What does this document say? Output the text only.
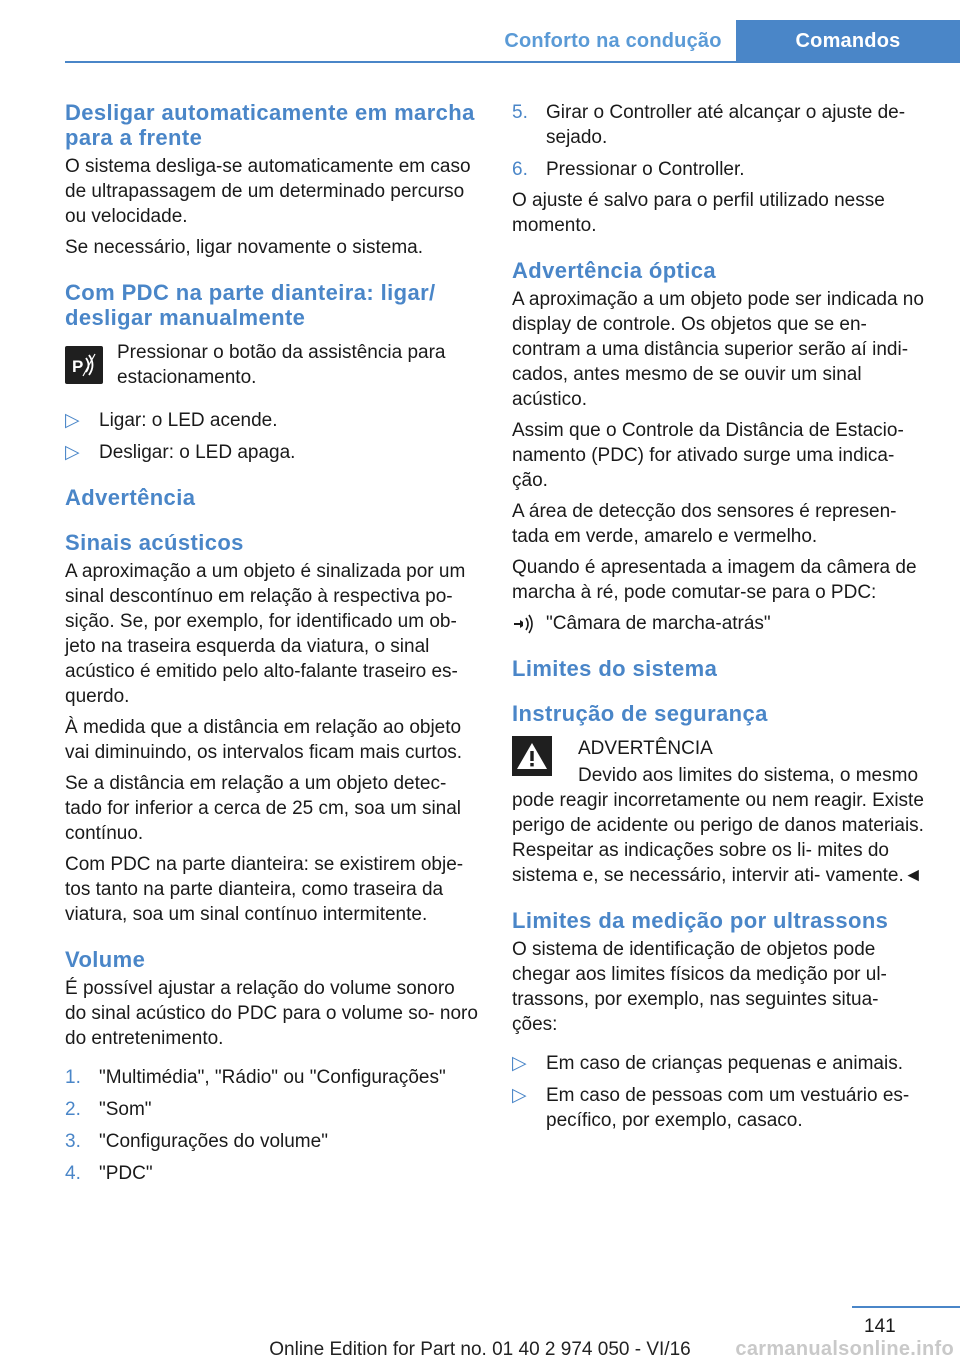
Conforto na condução	Comandos
Desligar automaticamente em marcha para a frente

O sistema desliga-se automaticamente em caso de ultrapassagem de um determinado percurso ou velocidade.

Se necessário, ligar novamente o sistema.

Com PDC na parte dianteira: ligar/ desligar manualmente
P

Pressionar o botão da assistência para estacionamento.

▷	Ligar: o LED acende.
▷	Desligar: o LED apaga.
Advertência
Sinais acústicos

A aproximação a um objeto é sinalizada por um sinal descontínuo em relação à respectiva po- sição. Se, por exemplo, for identificado um ob- jeto na traseira esquerda da viatura, o sinal acústico é emitido pelo alto-falante traseiro es- querdo.

À medida que a distância em relação ao objeto vai diminuindo, os intervalos ficam mais curtos.

Se a distância em relação a um objeto detec- tado for inferior a cerca de 25 cm, soa um sinal contínuo.

Com PDC na parte dianteira: se existirem obje- tos tanto na parte dianteira, como traseira da viatura, soa um sinal contínuo intermitente.

Volume

É possível ajustar a relação do volume sonoro do sinal acústico do PDC para o volume so- noro do entretenimento.

1. "Multimédia", "Rádio" ou "Configurações"
2. "Som"
3. "Configurações do volume"
4. "PDC"
5. Girar o Controller até alcançar o ajuste de- sejado.
6. Pressionar o Controller.

O ajuste é salvo para o perfil utilizado nesse momento.

Advertência óptica

A aproximação a um objeto pode ser indicada no display de controle. Os objetos que se en- contram a uma distância superior serão aí indi- cados, antes mesmo de se ouvir um sinal acústico.

Assim que o Controle da Distância de Estacio- namento (PDC) for ativado surge uma indica- ção.

A área de detecção dos sensores é represen- tada em verde, amarelo e vermelho.

Quando é apresentada a imagem da câmera de marcha à ré, pode comutar-se para o PDC:

"Câmara de marcha-atrás"

Limites do sistema
Instrução de segurança

ADVERTÊNCIA

Devido aos limites do sistema, o mesmo pode reagir incorretamente ou nem reagir. Existe perigo de acidente ou perigo de danos materiais. Respeitar as indicações sobre os li- mites do sistema e, se necessário, intervir ati- vamente.◄

Limites da medição por ultrassons

O sistema de identificação de objetos pode chegar aos limites físicos da medição por ul- trassons, por exemplo, nas seguintes situa- ções:

▷	Em caso de crianças pequenas e animais.
▷	Em caso de pessoas com um vestuário es- pecífico, por exemplo, casaco.
141
Online Edition for Part no. 01 40 2 974 050 - VI/16	carmanualsonline.info
